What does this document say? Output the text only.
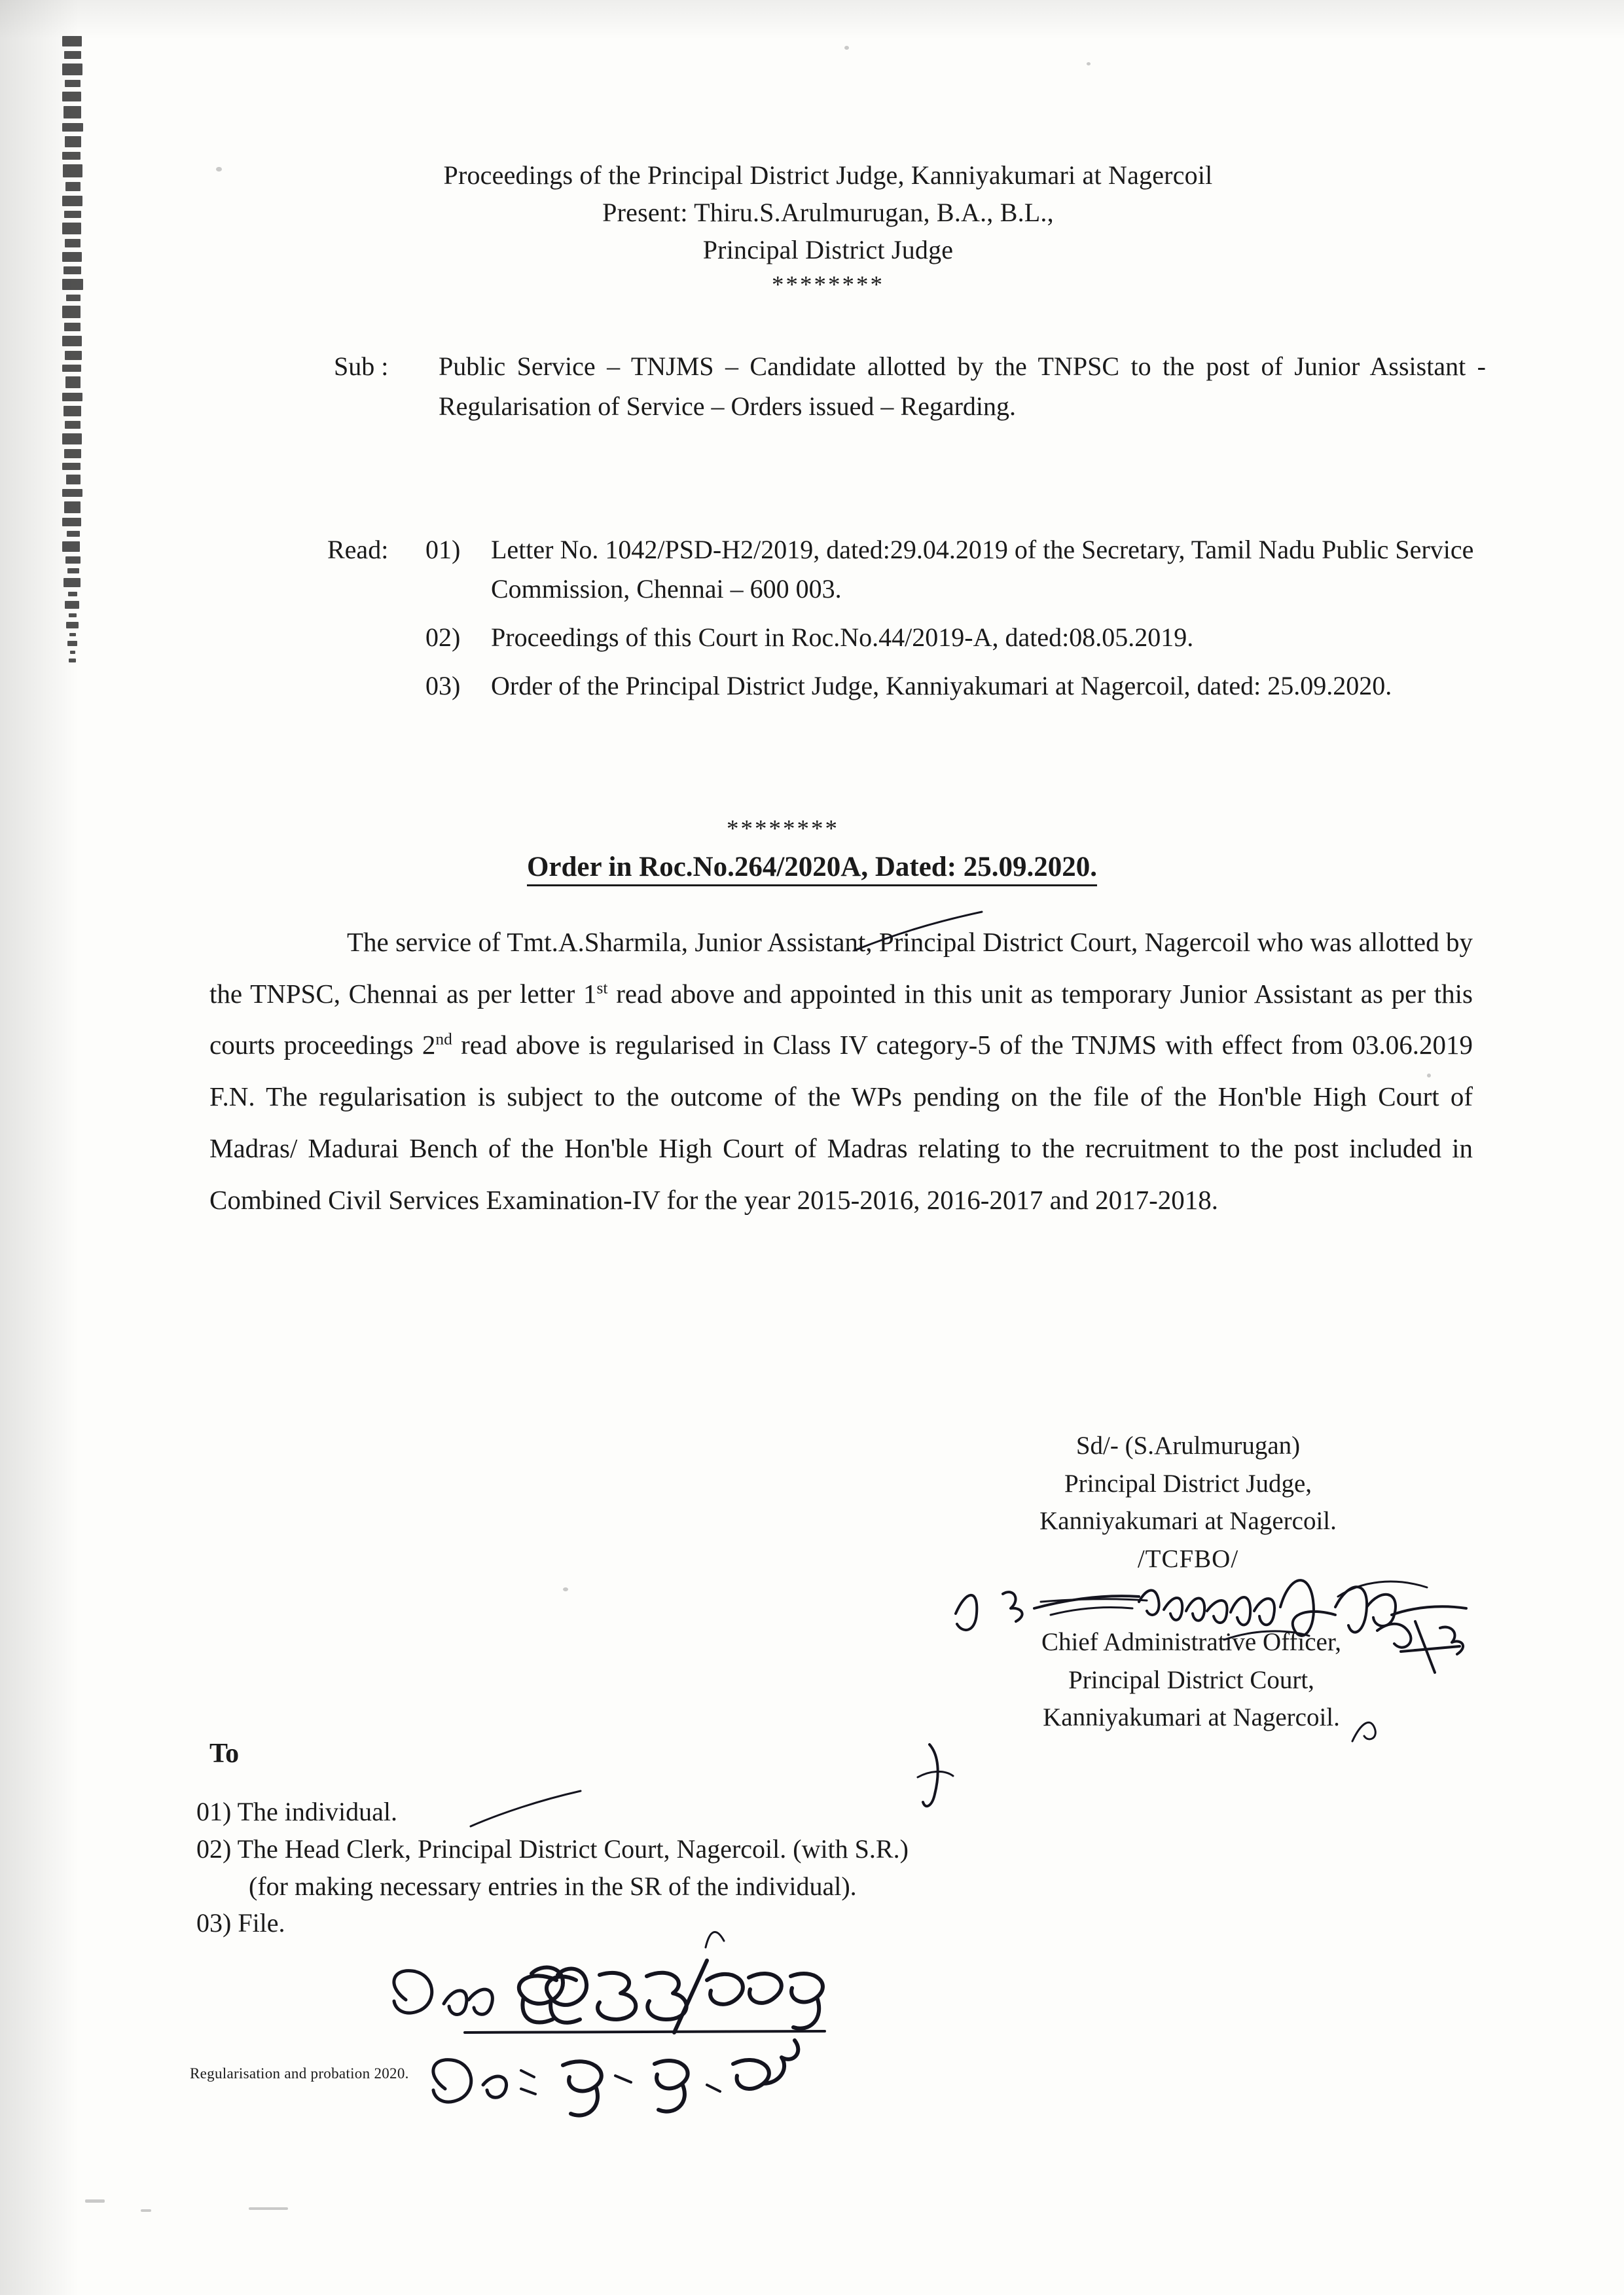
Proceedings of the Principal District Judge, Kanniyakumari at Nagercoil
Present: Thiru.S.Arulmurugan, B.A., B.L.,
Principal District Judge
********
Sub : Public Service – TNJMS – Candidate allotted by the TNPSC to the post of Junior Assistant - Regularisation of Service – Orders issued – Regarding.
Read: 01)	Letter No. 1042/PSD-H2/2019, dated:29.04.2019 of the Secretary, Tamil Nadu Public Service Commission, Chennai – 600 003.
02)	Proceedings of this Court in Roc.No.44/2019-A, dated:08.05.2019.
03)	Order of the Principal District Judge, Kanniyakumari at Nagercoil, dated: 25.09.2020.
********
Order in Roc.No.264/2020A, Dated: 25.09.2020.
The service of Tmt.A.Sharmila, Junior Assistant, Principal District Court, Nagercoil who was allotted by the TNPSC, Chennai as per letter 1st read above and appointed in this unit as temporary Junior Assistant as per this courts proceedings 2nd read above is regularised in Class IV category-5 of the TNJMS with effect from 03.06.2019 F.N. The regularisation is subject to the outcome of the WPs pending on the file of the Hon'ble High Court of Madras/ Madurai Bench of the Hon'ble High Court of Madras relating to the recruitment to the post included in Combined Civil Services Examination-IV for the year 2015-2016, 2016-2017 and 2017-2018.
Sd/- (S.Arulmurugan)
Principal District Judge,
Kanniyakumari at Nagercoil.
/TCFBO/
Chief Administrative Officer,
Principal District Court,
Kanniyakumari at Nagercoil.
To
01) The individual.
02) The Head Clerk, Principal District Court, Nagercoil. (with S.R.)
(for making necessary entries in the SR of the individual).
03) File.
Regularisation and probation 2020.
